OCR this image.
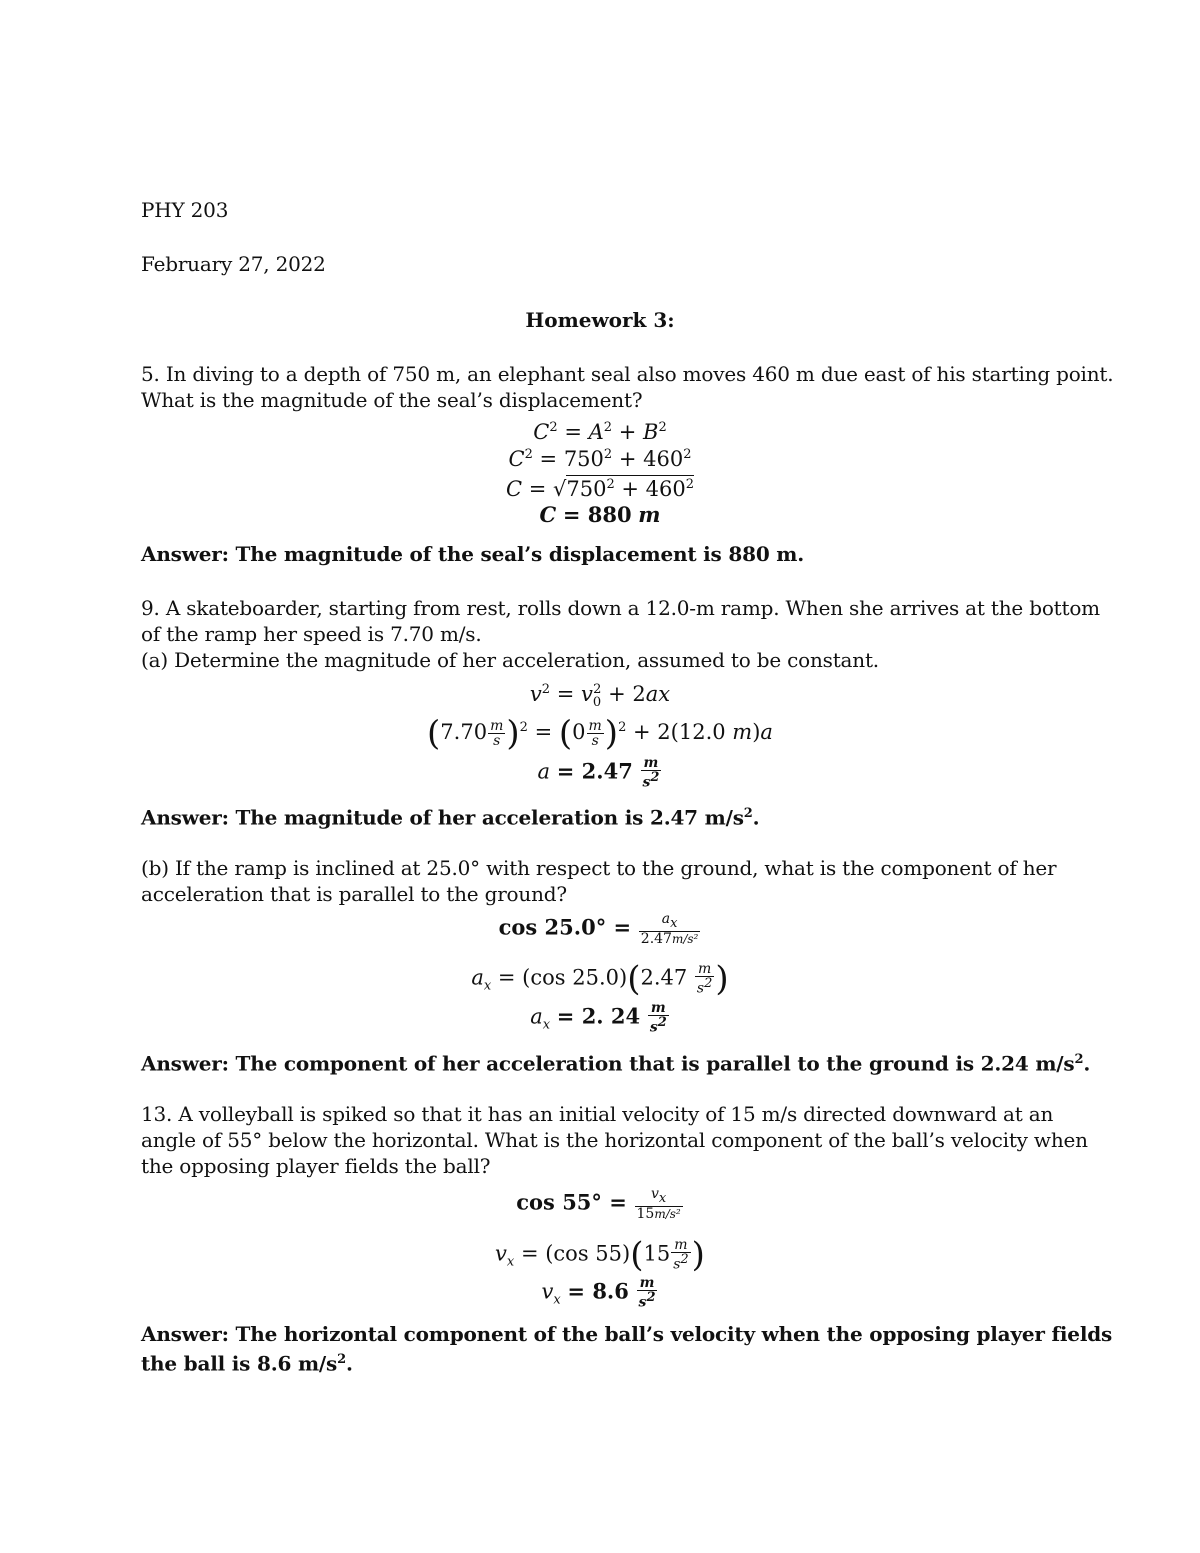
PHY 203
February 27, 2022
Homework 3:
5. In diving to a depth of 750 m, an elephant seal also moves 460 m due east of his starting point.
What is the magnitude of the seal’s displacement?
$C^2 = A^2 + B^2$
$C^2 = 750^2 + 460^2$
$C = √750^2 + 460^2$
C = 880 m
Answer: The magnitude of the seal’s displacement is 880 m.
9. A skateboarder, starting from rest, rolls down a 12.0-m ramp. When she arrives at the bottom
of the ramp her speed is 7.70 m/s.
(a) Determine the magnitude of her acceleration, assumed to be constant.
$v^2 = v_0^2 + 2ax$
$(7.70 \frac{m}{s} )^2 = (0 \frac{m}{s} )^2 + 2(12.0$ m)a
$a = 2.47 \frac{m}{s^2}$
Answer: The magnitude of her acceleration is 2.47 $m/s^2$.
(b) If the ramp is inclined at 25.0° with respect to the ground, what is the component of her
acceleration that is parallel to the ground?
$\cos 25.0^\circ = \frac{a_x}{\text{2.47m/s²}}$
$a_x = (\cos$ $25.0)(2.47 \frac{m}{s^2}$ )
$a_x = 2$. $24 \frac{m}{s^2}$
Answer: The component of her acceleration that is parallel to the ground is 2.24 $m/s^2$.
13. A volleyball is spiked so that it has an initial velocity of 15 m/s directed downward at an
angle of 55° below the horizontal. What is the horizontal component of the ball’s velocity when
the opposing player fields the ball?
$\cos 55^\circ = \frac{v_x}{\text{15m/s²}}$
$v_x = (\cos$ $55)(15 \frac{m}{s^2}$ )
$v_x = 8.6 \frac{m}{s^2}$
Answer: The horizontal component of the ball’s velocity when the opposing player fields
the ball is 8.6 $m/s^2$.
